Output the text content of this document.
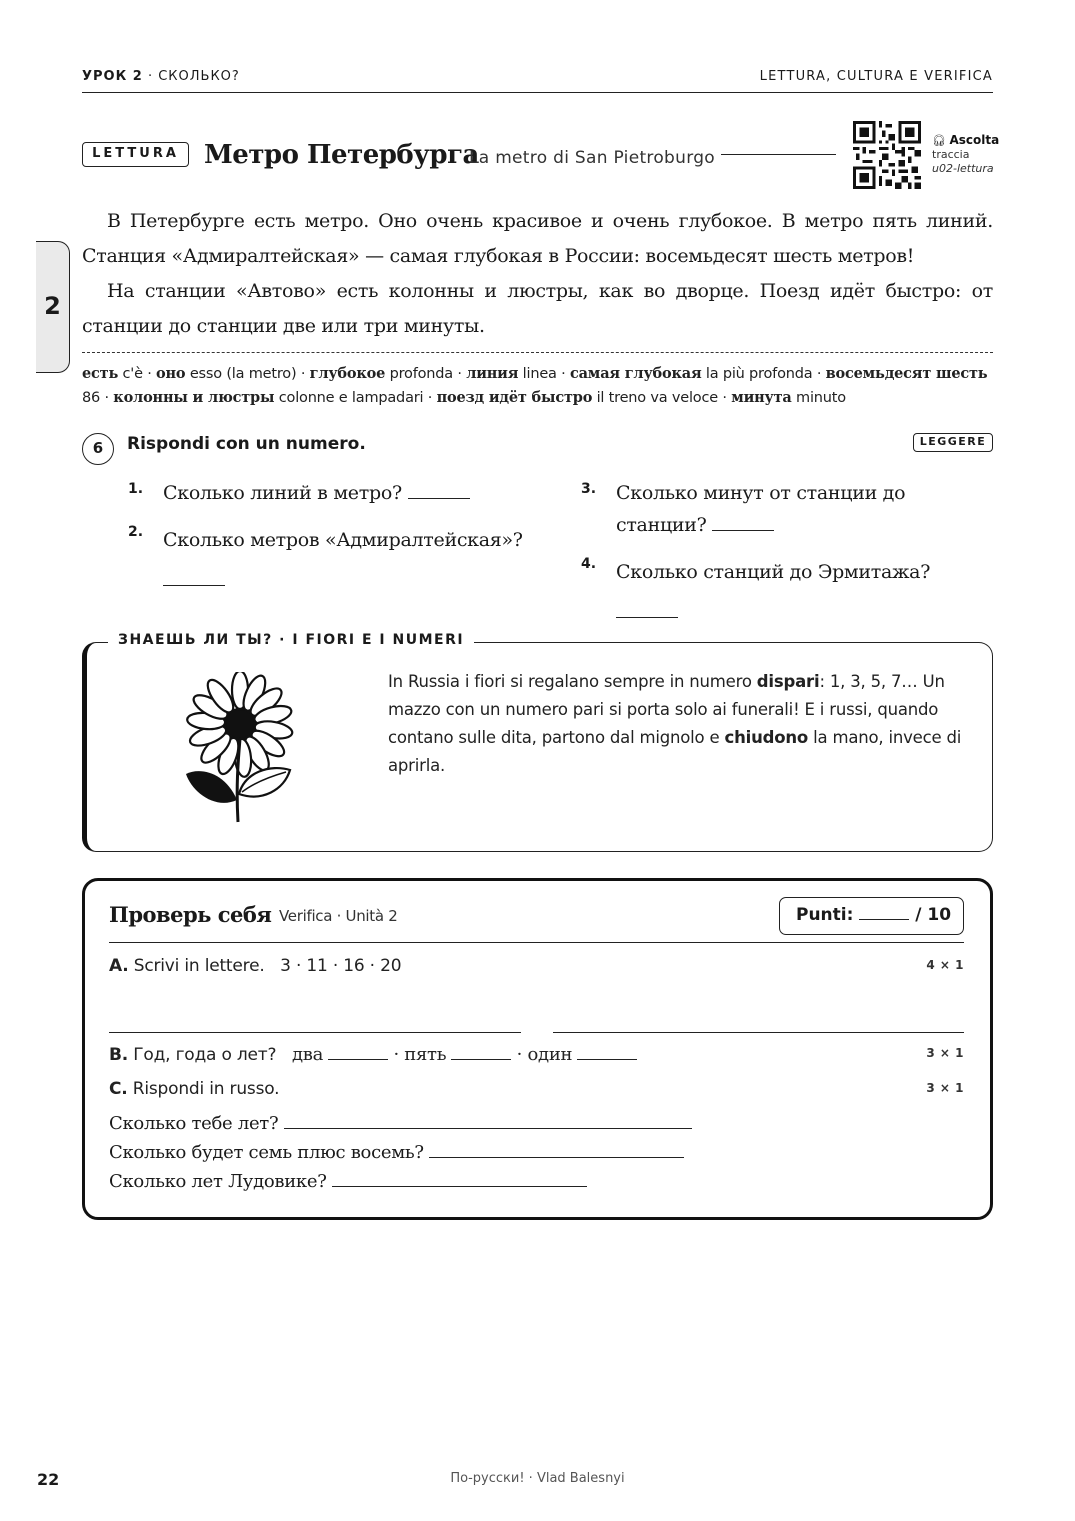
УРОК 2 · СКОЛЬКО?	LETTURA, CULTURA E VERIFICA
2
LETTURA Метро Петербурга
La metro di San Pietroburgo
🎧︎ Ascolta
traccia
u02-lettura

В Петербурге есть метро. Оно очень красивое и очень глубокое. В метро пять линий. Станция «Адмиралтейская» — самая глубокая в России: восемьдесят шесть метров!

На станции «Автово» есть колонны и люстры, как во дворце. Поезд идёт быстро: от станции до станции две или три минуты.

есть c'è · оно esso (la metro) · глубокое profonda · линия linea · самая глубокая la più profonda · восемьдесят шесть 86 · колонны и люстры colonne e lampadari · поезд идёт быстро il treno va veloce · минута minuto
6	Rispondi con un numero.	LEGGERE
1. Сколько линий в метро?
2. Сколько метров «Адмиралтейская»?

3. Сколько минут от станции до станции?
4. Сколько станций до Эрмитажа?

ЗНАЕШЬ ЛИ ТЫ? · I FIORI E I NUMERI
In Russia i fiori si regalano sempre in numero dispari: 1, 3, 5, 7… Un mazzo con un numero pari si porta solo ai funerali! E i russi, quando contano sulle dita, partono dal mignolo e chiudono la mano, invece di aprirla.
Проверь себя Verifica · Unità 2	Punti:	/ 10
A. Scrivi in lettere. 3 · 11 · 16 · 20	4 × 1
B. Год, года о лет? два	· пять	· один	3 × 1
C. Rispondi in russo.	3 × 1
Сколько тебе лет?
Сколько будет семь плюс восемь?
Сколько лет Лудовике?
22	По-русски! · Vlad Balesnyi
